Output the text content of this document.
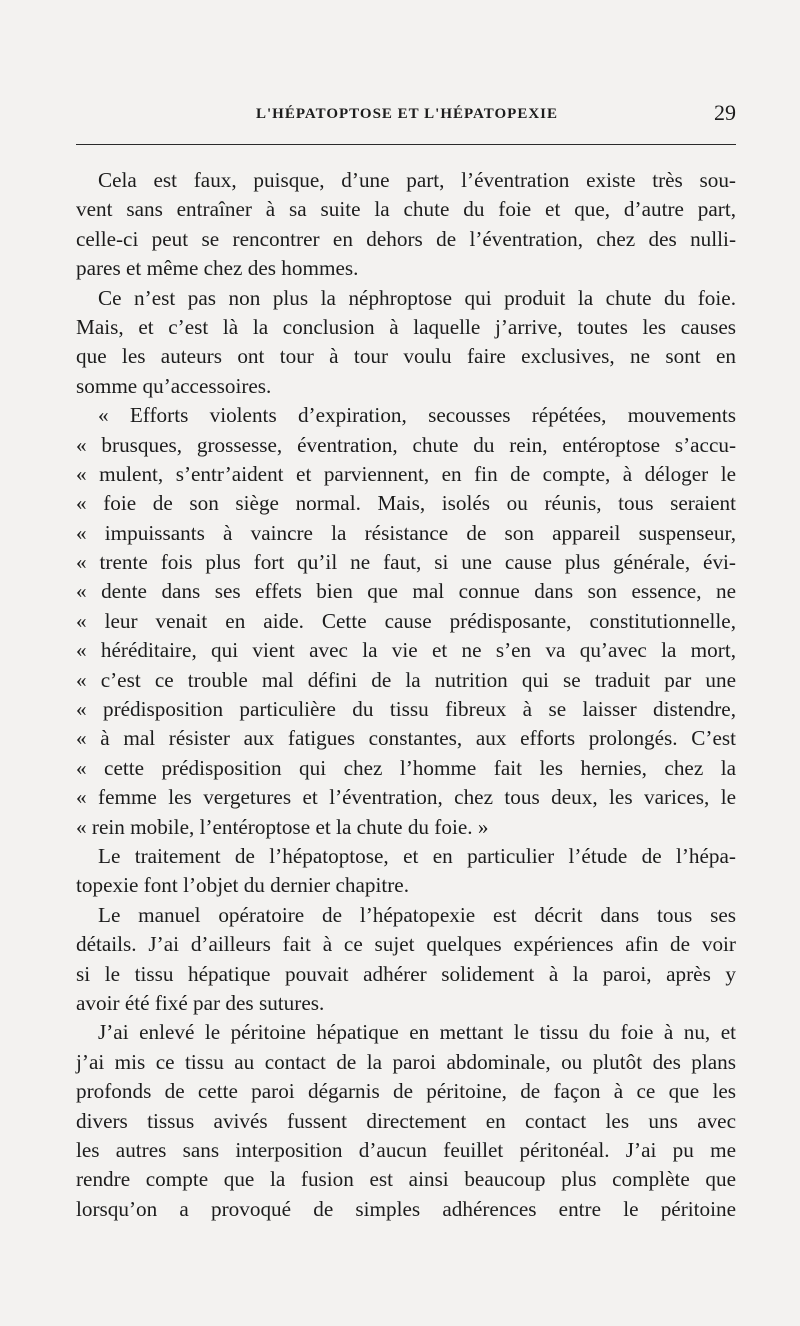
L'HÉPATOPTOSE ET L'HÉPATOPEXIE	29
Cela est faux, puisque, d’une part, l’éventration existe très sou-
vent sans entraîner à sa suite la chute du foie et que, d’autre part,
celle-ci peut se rencontrer en dehors de l’éventration, chez des nulli-
pares et même chez des hommes.
Ce n’est pas non plus la néphroptose qui produit la chute du foie.
Mais, et c’est là la conclusion à laquelle j’arrive, toutes les causes
que les auteurs ont tour à tour voulu faire exclusives, ne sont en
somme qu’accessoires.
« Efforts violents d’expiration, secousses répétées, mouvements
« brusques, grossesse, éventration, chute du rein, entéroptose s’accu-
« mulent, s’entr’aident et parviennent, en fin de compte, à déloger le
« foie de son siège normal. Mais, isolés ou réunis, tous seraient
« impuissants à vaincre la résistance de son appareil suspenseur,
« trente fois plus fort qu’il ne faut, si une cause plus générale, évi-
« dente dans ses effets bien que mal connue dans son essence, ne
« leur venait en aide. Cette cause prédisposante, constitutionnelle,
« héréditaire, qui vient avec la vie et ne s’en va qu’avec la mort,
« c’est ce trouble mal défini de la nutrition qui se traduit par une
« prédisposition particulière du tissu fibreux à se laisser distendre,
« à mal résister aux fatigues constantes, aux efforts prolongés. C’est
« cette prédisposition qui chez l’homme fait les hernies, chez la
« femme les vergetures et l’éventration, chez tous deux, les varices, le
« rein mobile, l’entéroptose et la chute du foie. »
Le traitement de l’hépatoptose, et en particulier l’étude de l’hépa-
topexie font l’objet du dernier chapitre.
Le manuel opératoire de l’hépatopexie est décrit dans tous ses
détails. J’ai d’ailleurs fait à ce sujet quelques expériences afin de voir
si le tissu hépatique pouvait adhérer solidement à la paroi, après y
avoir été fixé par des sutures.
J’ai enlevé le péritoine hépatique en mettant le tissu du foie à nu, et
j’ai mis ce tissu au contact de la paroi abdominale, ou plutôt des plans
profonds de cette paroi dégarnis de péritoine, de façon à ce que les
divers tissus avivés fussent directement en contact les uns avec
les autres sans interposition d’aucun feuillet péritonéal. J’ai pu me
rendre compte que la fusion est ainsi beaucoup plus complète que
lorsqu’on a provoqué de simples adhérences entre le péritoine
